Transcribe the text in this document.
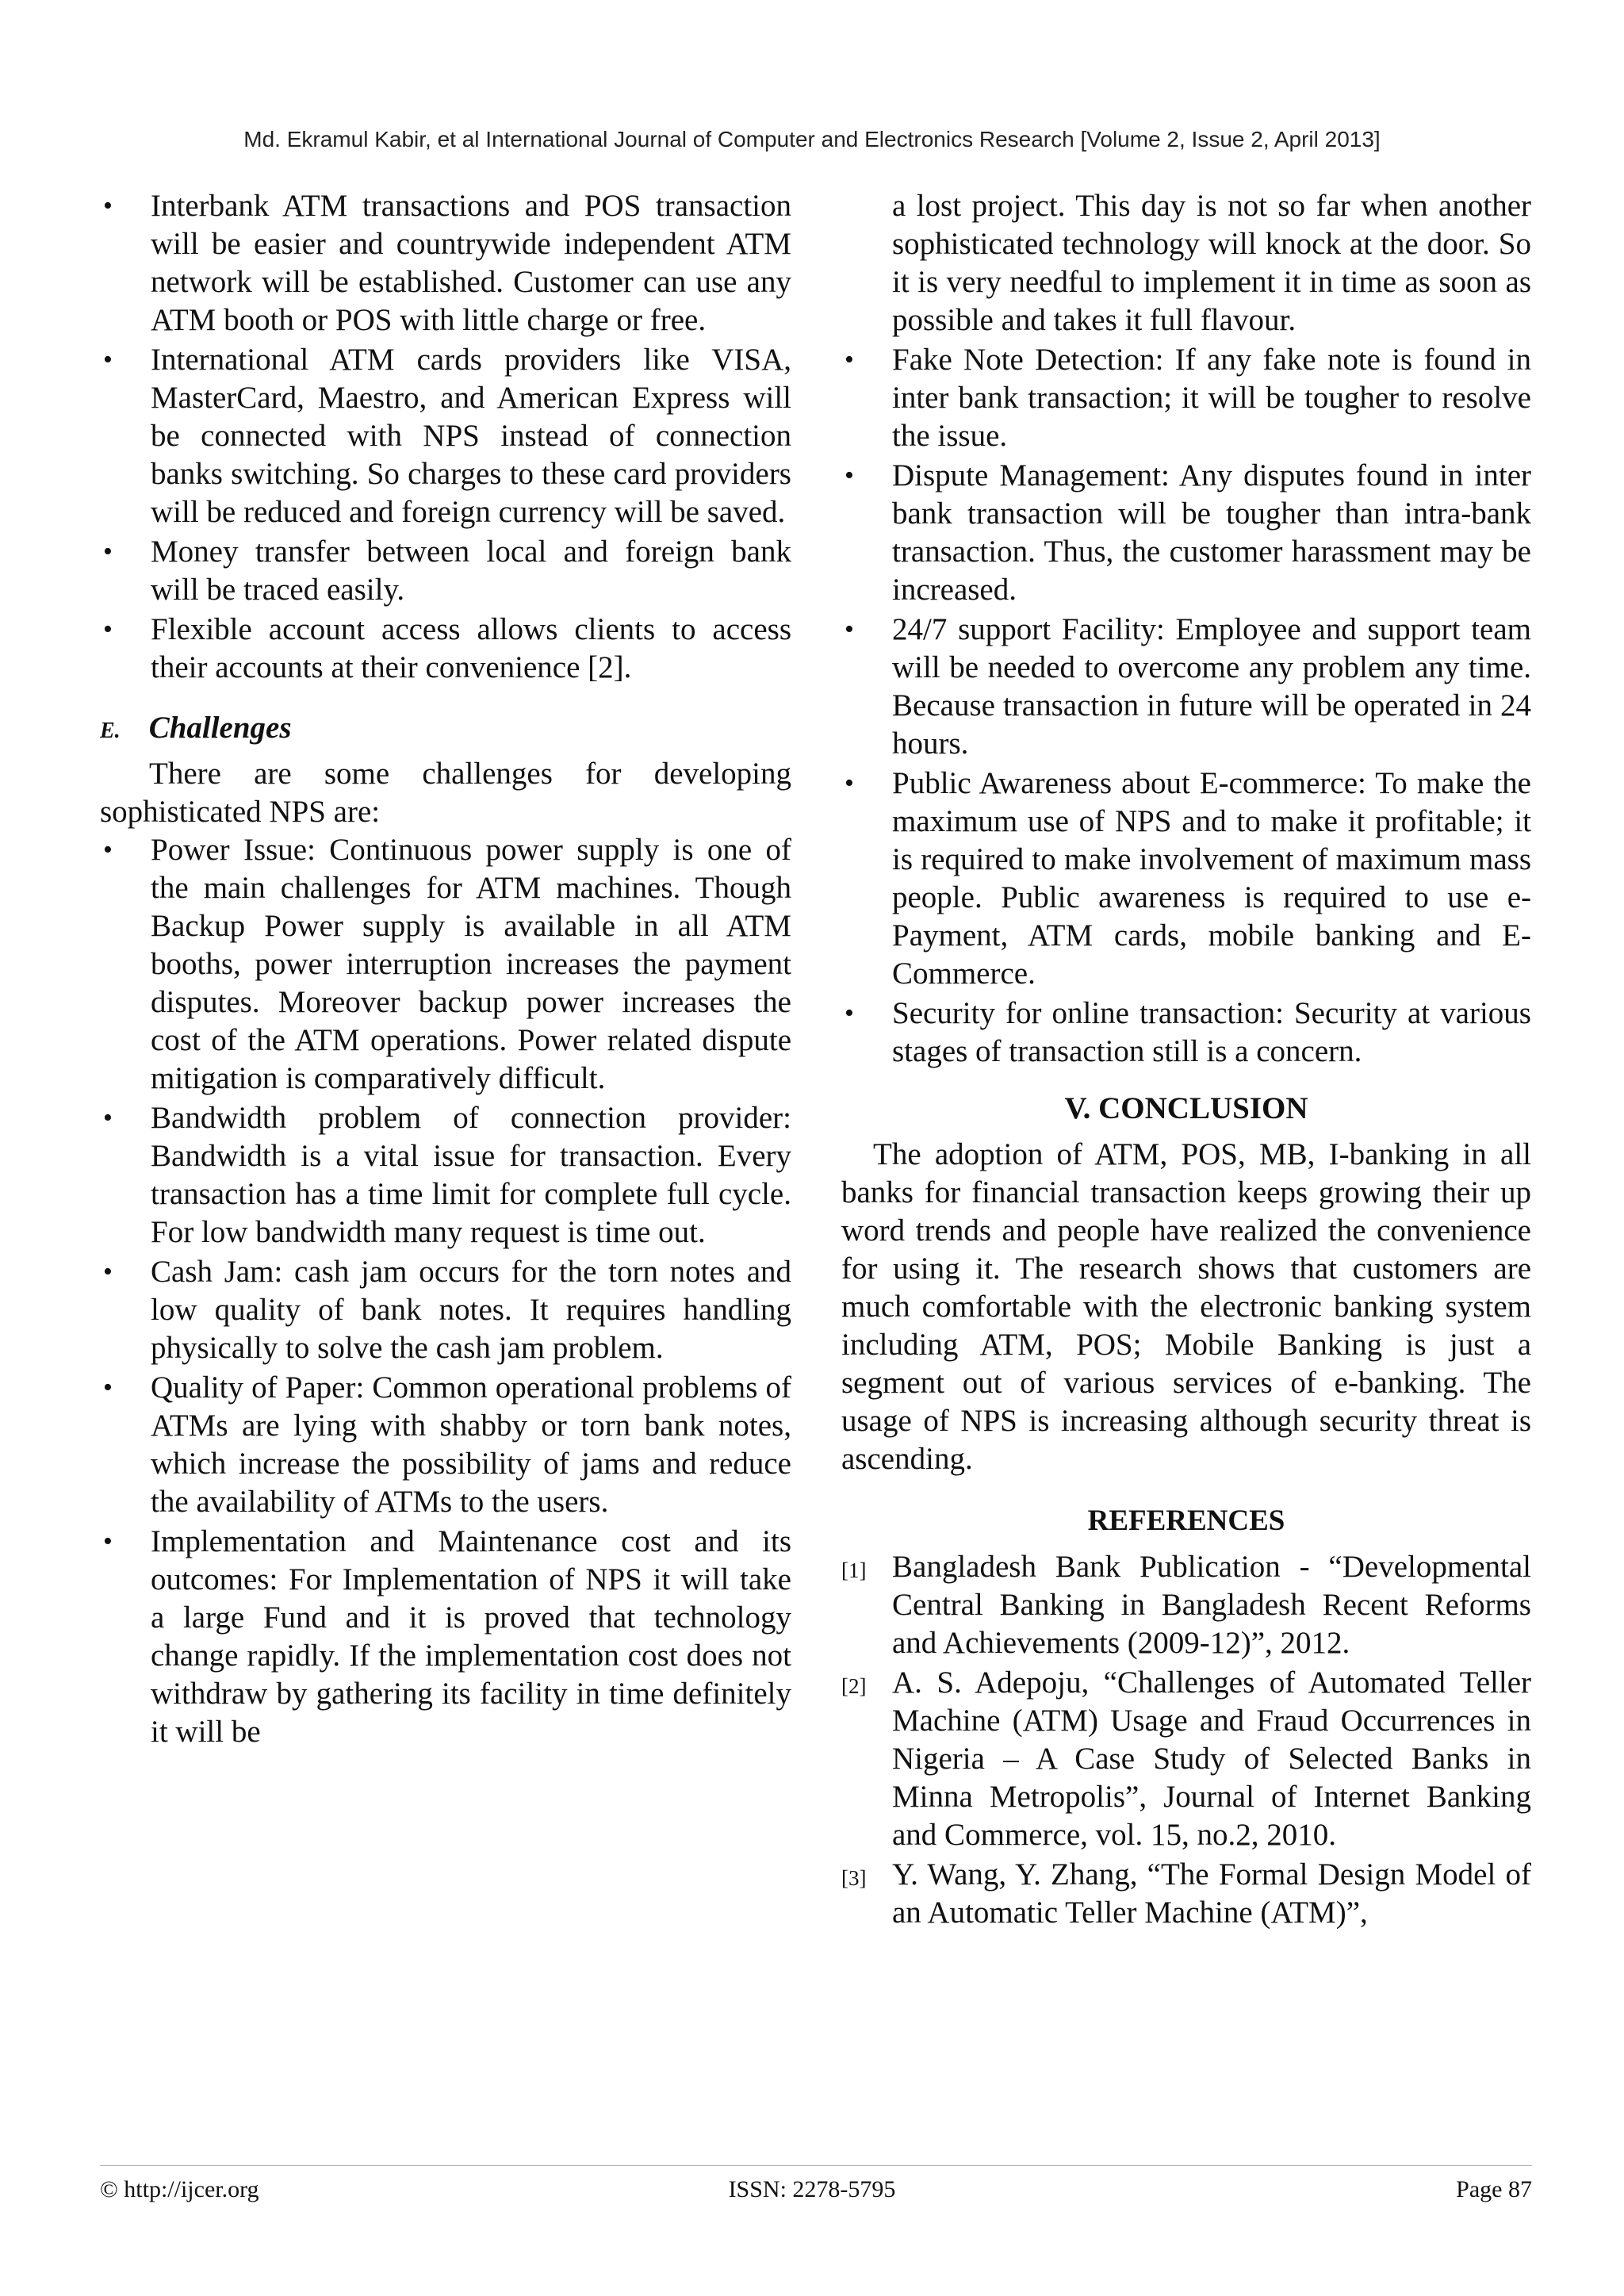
Md. Ekramul Kabir, et al International Journal of Computer and Electronics Research [Volume 2, Issue 2, April 2013]
• Interbank ATM transactions and POS transaction will be easier and countrywide independent ATM network will be established. Customer can use any ATM booth or POS with little charge or free.
• International ATM cards providers like VISA, MasterCard, Maestro, and American Express will be connected with NPS instead of connection banks switching. So charges to these card providers will be reduced and foreign currency will be saved.
• Money transfer between local and foreign bank will be traced easily.
• Flexible account access allows clients to access their accounts at their convenience [2].
E. Challenges
There are some challenges for developing sophisticated NPS are:
• Power Issue: Continuous power supply is one of the main challenges for ATM machines. Though Backup Power supply is available in all ATM booths, power interruption increases the payment disputes. Moreover backup power increases the cost of the ATM operations. Power related dispute mitigation is comparatively difficult.
• Bandwidth problem of connection provider: Bandwidth is a vital issue for transaction. Every transaction has a time limit for complete full cycle. For low bandwidth many request is time out.
• Cash Jam: cash jam occurs for the torn notes and low quality of bank notes. It requires handling physically to solve the cash jam problem.
• Quality of Paper: Common operational problems of ATMs are lying with shabby or torn bank notes, which increase the possibility of jams and reduce the availability of ATMs to the users.
• Implementation and Maintenance cost and its outcomes: For Implementation of NPS it will take a large Fund and it is proved that technology change rapidly. If the implementation cost does not withdraw by gathering its facility in time definitely it will be
a lost project. This day is not so far when another sophisticated technology will knock at the door. So it is very needful to implement it in time as soon as possible and takes it full flavour.
• Fake Note Detection: If any fake note is found in inter bank transaction; it will be tougher to resolve the issue.
• Dispute Management: Any disputes found in inter bank transaction will be tougher than intra-bank transaction. Thus, the customer harassment may be increased.
• 24/7 support Facility: Employee and support team will be needed to overcome any problem any time. Because transaction in future will be operated in 24 hours.
• Public Awareness about E-commerce: To make the maximum use of NPS and to make it profitable; it is required to make involvement of maximum mass people. Public awareness is required to use e-Payment, ATM cards, mobile banking and E-Commerce.
• Security for online transaction: Security at various stages of transaction still is a concern.
V. CONCLUSION
The adoption of ATM, POS, MB, I-banking in all banks for financial transaction keeps growing their up word trends and people have realized the convenience for using it. The research shows that customers are much comfortable with the electronic banking system including ATM, POS; Mobile Banking is just a segment out of various services of e-banking. The usage of NPS is increasing although security threat is ascending.
REFERENCES
[1] Bangladesh Bank Publication - “Developmental Central Banking in Bangladesh Recent Reforms and Achievements (2009-12)”, 2012.
[2] A. S. Adepoju, “Challenges of Automated Teller Machine (ATM) Usage and Fraud Occurrences in Nigeria – A Case Study of Selected Banks in Minna Metropolis”, Journal of Internet Banking and Commerce, vol. 15, no.2, 2010.
[3] Y. Wang, Y. Zhang, “The Formal Design Model of an Automatic Teller Machine (ATM)”,
© http://ijcer.org	ISSN: 2278-5795	Page 87
